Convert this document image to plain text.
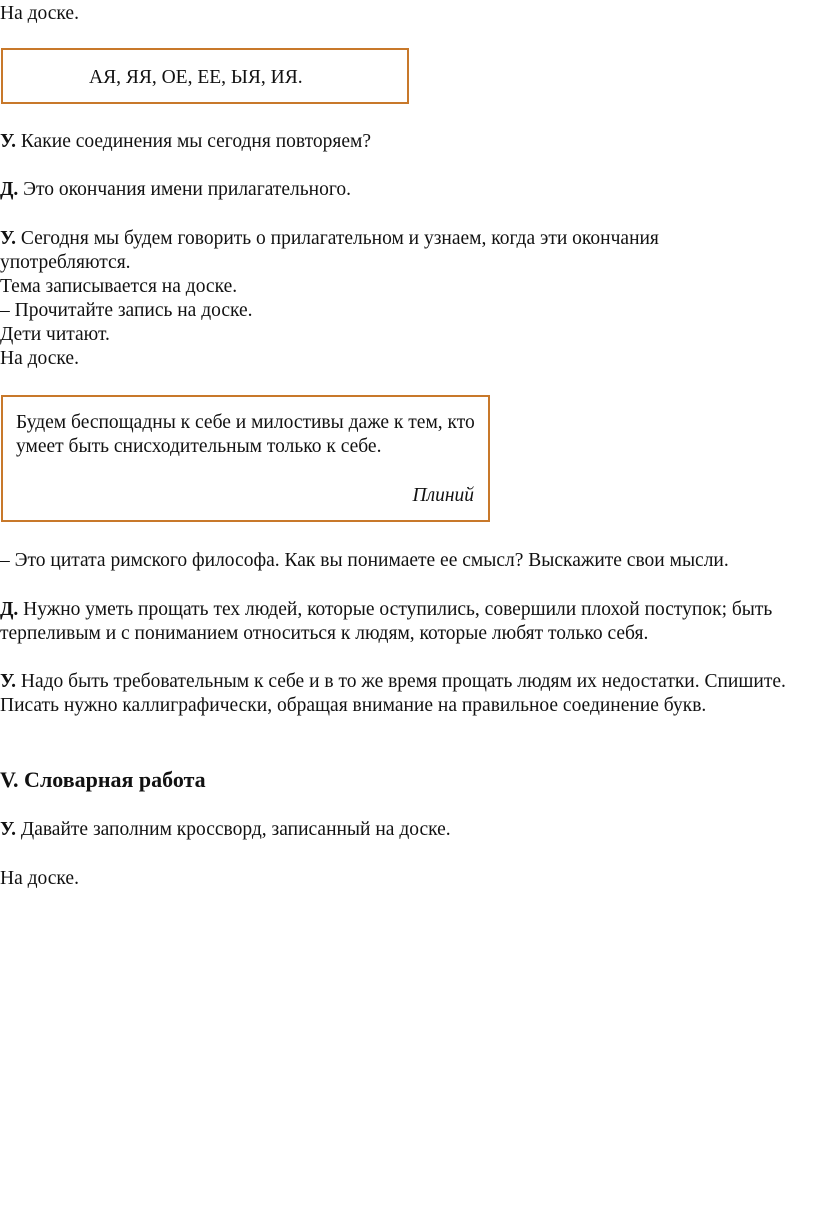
На доске.

АЯ, ЯЯ, ОЕ, ЕЕ, ЫЯ, ИЯ.

У. Какие соединения мы сегодня повторяем?

Д. Это окончания имени прилагательного.

У. Сегодня мы будем говорить о прилагательном и узнаем, когда эти окончания употребляются.

Тема записывается на доске.

– Прочитайте запись на доске.

Дети читают.

На доске.

Будем беспощадны к себе и милостивы даже к тем, кто умеет быть снисходительным только к себе.
Плиний

– Это цитата римского философа. Как вы понимаете ее смысл? Выскажите свои мысли.

Д. Нужно уметь прощать тех людей, которые оступились, совершили плохой поступок; быть терпеливым и с пониманием относиться к людям, которые любят только себя.

У. Надо быть требовательным к себе и в то же время прощать людям их недостатки. Спишите. Писать нужно каллиграфически, обращая внимание на правильное соединение букв.

V. Словарная работа

У. Давайте заполним кроссворд, записанный на доске.

На доске.
